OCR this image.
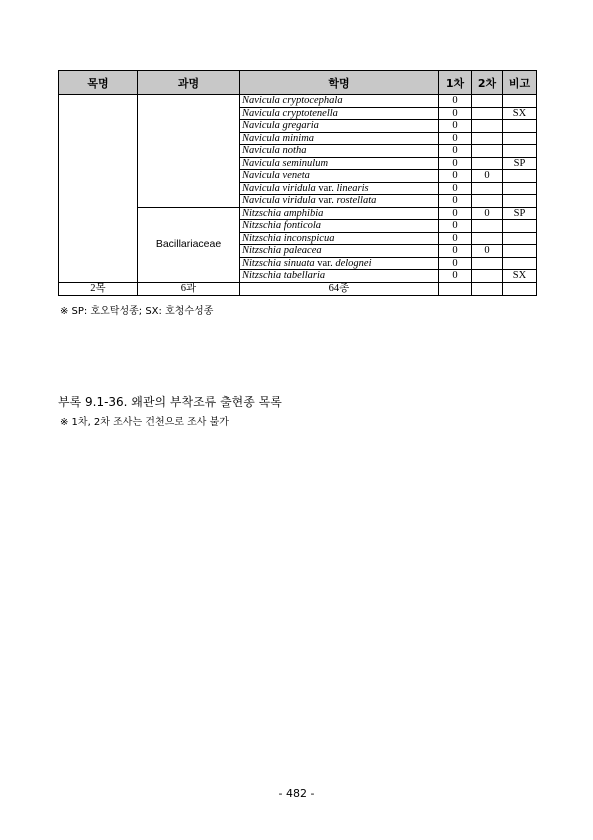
목명	과명	학명	1차	2차	비고
		Navicula cryptocephala	0		
		Navicula cryptotenella	0		SX
		Navicula gregaria	0		
		Navicula minima	0		
		Navicula notha	0		
		Navicula seminulum	0		SP
		Navicula veneta	0	0	
		Navicula viridula var. linearis	0		
		Navicula viridula var. rostellata	0		
	Bacillariaceae	Nitzschia amphibia	0	0	SP
		Nitzschia fonticola	0		
		Nitzschia inconspicua	0		
		Nitzschia paleacea	0	0	
		Nitzschia sinuata var. delognei	0		
		Nitzschia tabellaria	0		SX
2목	6과	64종			
※ SP: 호오탁성종; SX: 호청수성종
부록 9.1-36. 왜관의 부착조류 출현종 목록
※ 1차, 2차 조사는 건천으로 조사 불가
- 482 -
